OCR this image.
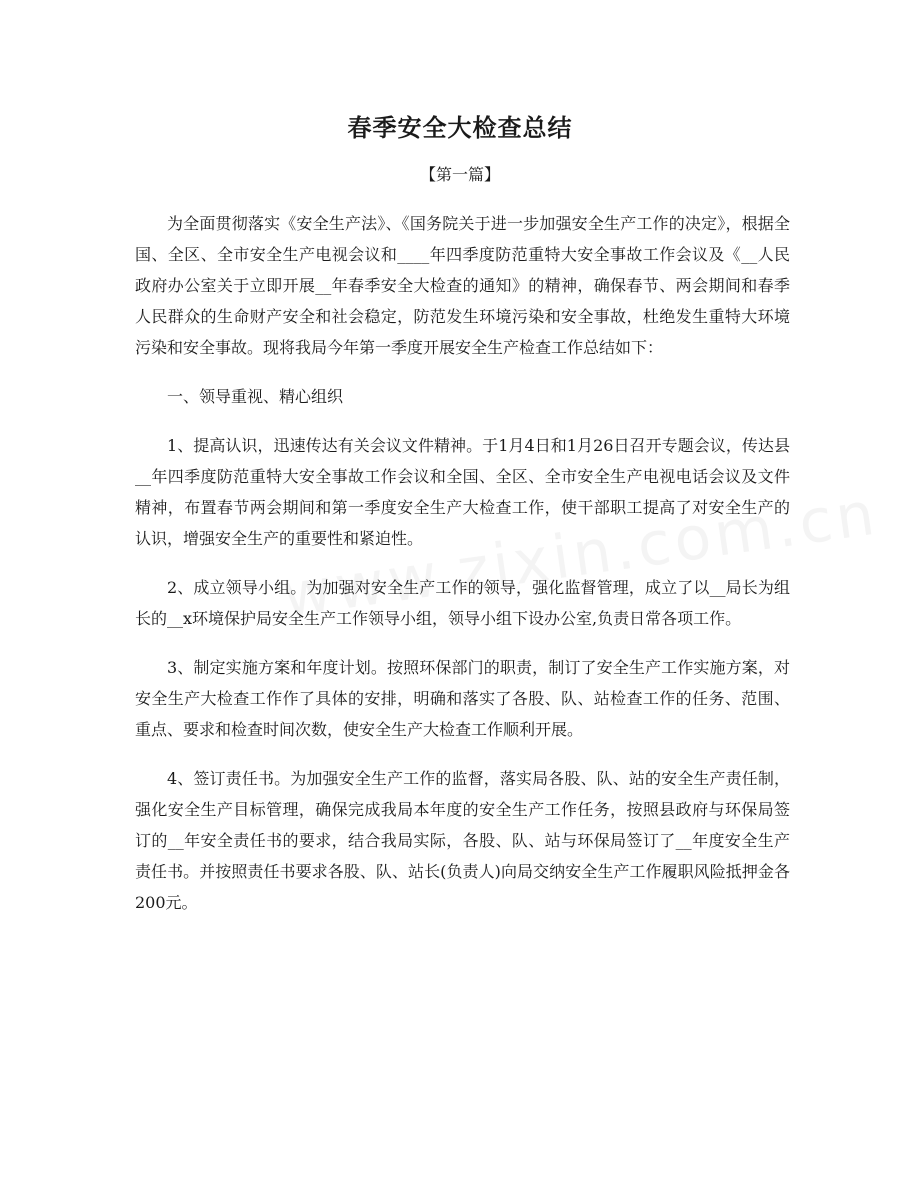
春季安全大检查总结
【第一篇】

为全面贯彻落实《安全生产法》、《国务院关于进一步加强安全生产工作的决定》，根据全国、全区、全市安全生产电视会议和____年四季度防范重特大安全事故工作会议及《__人民政府办公室关于立即开展__年春季安全大检查的通知》的精神，确保春节、两会期间和春季人民群众的生命财产安全和社会稳定，防范发生环境污染和安全事故，杜绝发生重特大环境污染和安全事故。现将我局今年第一季度开展安全生产检查工作总结如下：

一、领导重视、精心组织

1、提高认识，迅速传达有关会议文件精神。于1月4日和1月26日召开专题会议，传达县__年四季度防范重特大安全事故工作会议和全国、全区、全市安全生产电视电话会议及文件精神，布置春节两会期间和第一季度安全生产大检查工作，使干部职工提高了对安全生产的认识，增强安全生产的重要性和紧迫性。

2、成立领导小组。为加强对安全生产工作的领导，强化监督管理，成立了以__局长为组长的__x环境保护局安全生产工作领导小组，领导小组下设办公室,负责日常各项工作。

3、制定实施方案和年度计划。按照环保部门的职责，制订了安全生产工作实施方案，对安全生产大检查工作作了具体的安排，明确和落实了各股、队、站检查工作的任务、范围、重点、要求和检查时间次数，使安全生产大检查工作顺利开展。

4、签订责任书。为加强安全生产工作的监督，落实局各股、队、站的安全生产责任制，强化安全生产目标管理，确保完成我局本年度的安全生产工作任务，按照县政府与环保局签订的__年安全责任书的要求，结合我局实际，各股、队、站与环保局签订了__年度安全生产责任书。并按照责任书要求各股、队、站长(负责人)向局交纳安全生产工作履职风险抵押金各200元。
